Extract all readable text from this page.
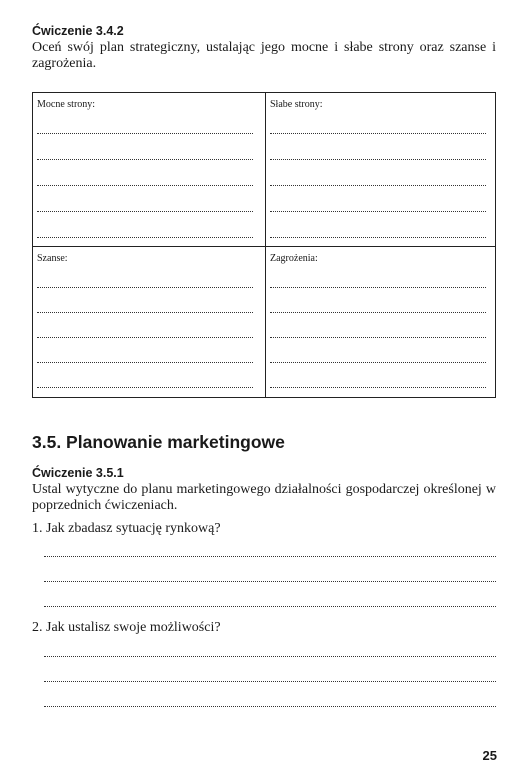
Ćwiczenie 3.4.2
Oceń swój plan strategiczny, ustalając jego mocne i słabe strony oraz szanse i zagrożenia.
Mocne strony:	Słabe strony:
Szanse:	Zagrożenia:
3.5. Planowanie marketingowe
Ćwiczenie 3.5.1
Ustal wytyczne do planu marketingowego działalności gospodarczej określonej w poprzednich ćwiczeniach.
1. Jak zbadasz sytuację rynkową?
2. Jak ustalisz swoje możliwości?
25
